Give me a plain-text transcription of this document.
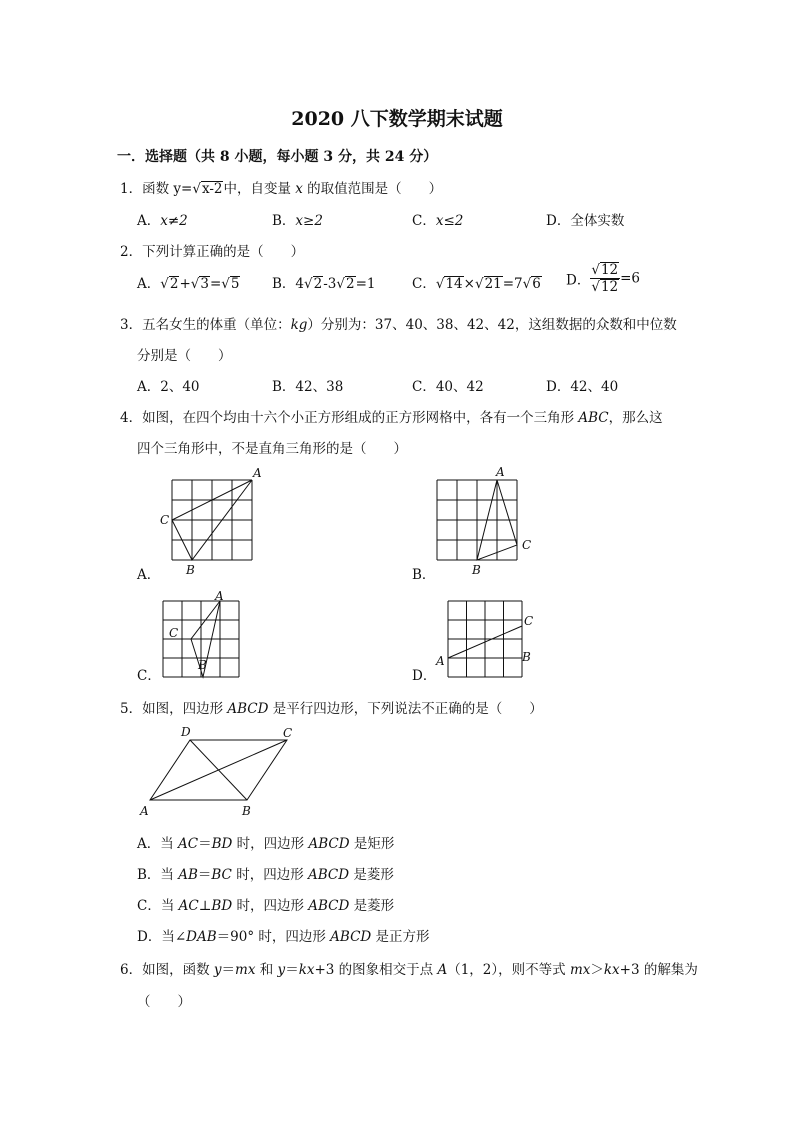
2020 八下数学期末试题
一．选择题（共 8 小题，每小题 3 分，共 24 分）
1．函数 y=√x-2中，自变量 x 的取值范围是（　　）
A．x≠2	B．x≥2	C．x≤2	D．全体实数
2．下列计算正确的是（　　）
A．√2+√3=√5 B．4√2-3√2=1	C．√14×√21=7√6 D． $\frac{√12}{√12} =6$
3．五名女生的体重（单位：kg）分别为：37、40、38、42、42，这组数据的众数和中位数
分别是（　　）
A．2、40	B．42、38	C．40、42	D．42、40
4．如图，在四个均由十六个小正方形组成的正方形网格中，各有一个三角形 ABC，那么这
四个三角形中，不是直角三角形的是（　　）
A．
A
C
B	B．
A
C
B
C．
A
C
B
D．
C
B
A
5．如图，四边形 ABCD 是平行四边形，下列说法不正确的是（　　）
D	C
A	B
A．当 AC＝BD 时，四边形 ABCD 是矩形
B．当 AB＝BC 时，四边形 ABCD 是菱形
C．当 AC⊥BD 时，四边形 ABCD 是菱形
D．当∠DAB＝90° 时，四边形 ABCD 是正方形
6．如图，函数 y＝mx 和 y＝kx+3 的图象相交于点 A（1，2），则不等式 mx＞kx+3 的解集为
（　　）
